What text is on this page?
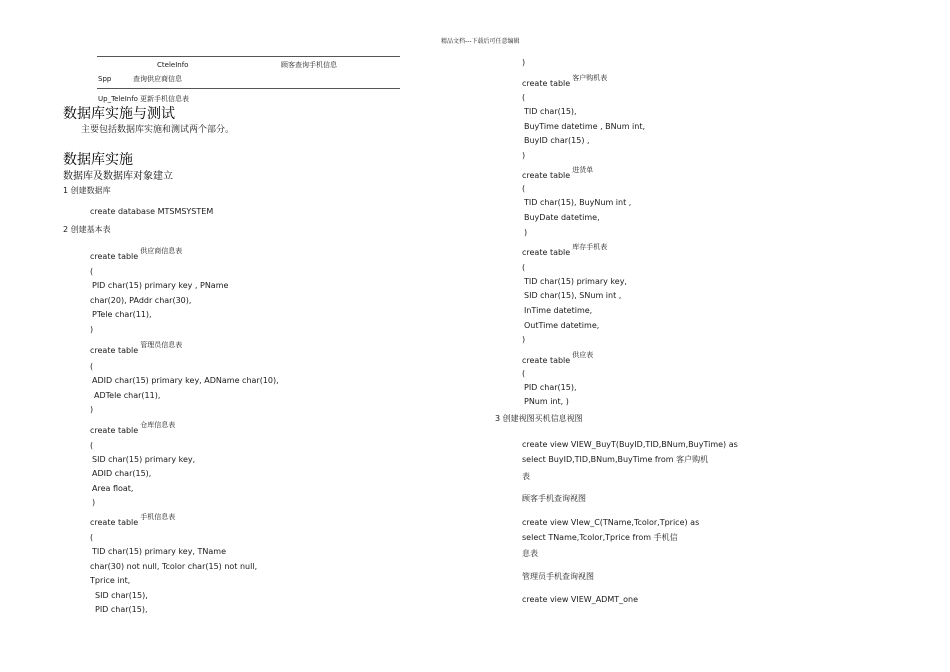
精品文档---下载后可任意编辑
CteleInfo	顾客查询手机信息
Spp	查询供应商信息
Up_TeleInfo 更新手机信息表
数据库实施与测试
主要包括数据库实施和测试两个部分。
数据库实施
数据库及数据库对象建立
1 创建数据库
create database MTSMSYSTEM
2 创建基本表
create table供应商信息表
(
PID char(15) primary key , PName
char(20), PAddr char(30),
PTele char(11),
)
create table管理员信息表
(
ADID char(15) primary key, ADName char(10),
ADTele char(11),
)
create table仓库信息表
(
SID char(15) primary key,
ADID char(15),
Area float,
)
create table手机信息表
(
TID char(15) primary key, TName
char(30) not null, Tcolor char(15) not null,
Tprice int,
SID char(15),
PID char(15),
)
create table客户购机表
(
TID char(15),
BuyTime datetime , BNum int,
BuyID char(15) ,
)
create table进货单
(
TID char(15), BuyNum int ,
BuyDate datetime,
)
create table库存手机表
(
TID char(15) primary key,
SID char(15), SNum int ,
InTime datetime,
OutTime datetime,
)
create table供应表
(
PID char(15),
PNum int, )
3 创建视图买机信息视图
create view VIEW_BuyT(BuyID,TID,BNum,BuyTime) as
select BuyID,TID,BNum,BuyTime from 客户购机
表
顾客手机查询视图
create view VIew_C(TName,Tcolor,Tprice) as
select TName,Tcolor,Tprice from 手机信
息表
管理员手机查询视图
create view VIEW_ADMT_one
